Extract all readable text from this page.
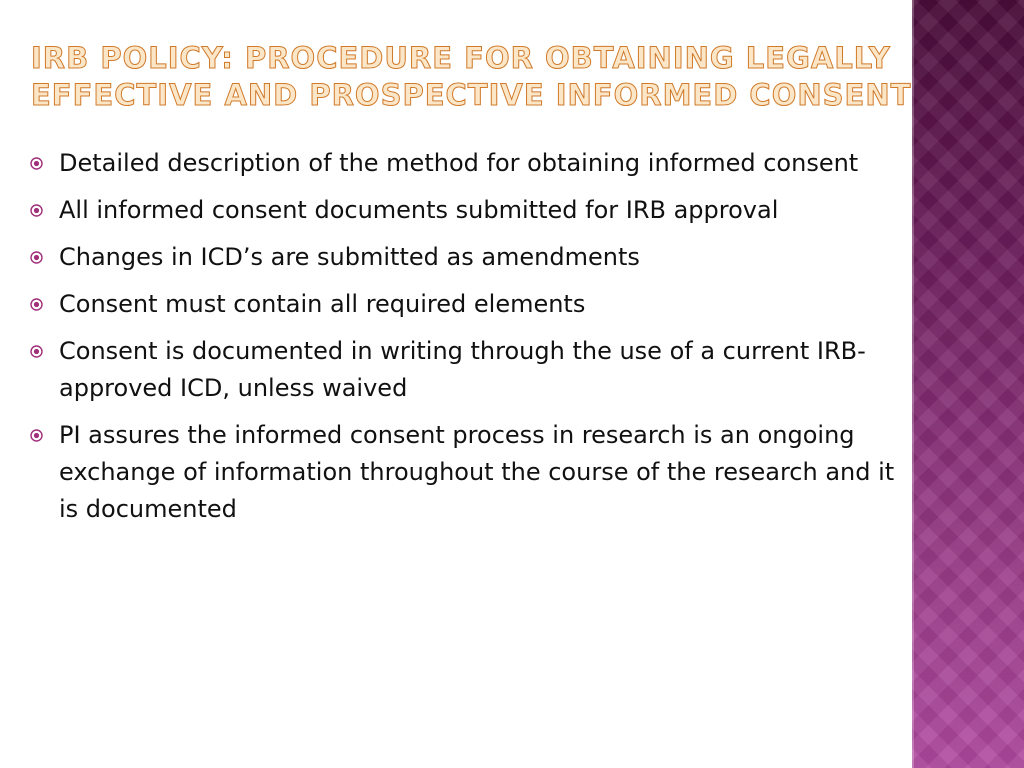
IRB POLICY: PROCEDURE FOR OBTAINING LEGALLY
EFFECTIVE AND PROSPECTIVE INFORMED CONSENT
Detailed description of the method for obtaining informed consent
All informed consent documents submitted for IRB approval
Changes in ICD’s are submitted as amendments
Consent must contain all required elements
Consent is documented in writing through the use of a current IRB-approved ICD, unless waived
PI assures the informed consent process in research is an ongoing exchange of information throughout the course of the research and it is documented
